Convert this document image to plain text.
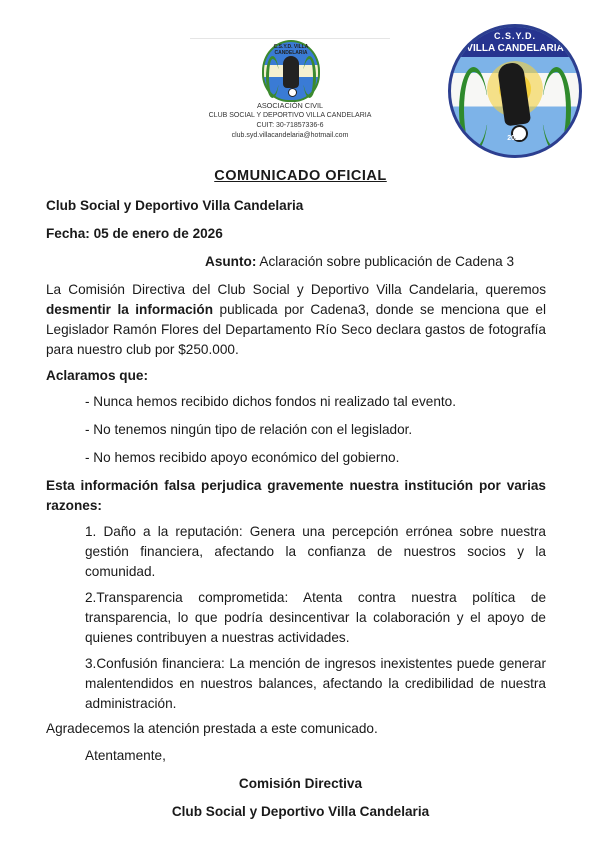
C.S.Y.D. VILLA CANDELARIA
ASOCIACIÓN CIVIL
CLUB SOCIAL Y DEPORTIVO VILLA CANDELARIA
CUIT: 30-71857336-6
club.syd.villacandelaria@hotmail.com
C.S.Y.D.
VILLA CANDELARIA
2024
COMUNICADO OFICIAL
Club Social y Deportivo Villa Candelaria
Fecha: 05 de enero de 2026
Asunto: Aclaración sobre publicación de Cadena 3
La Comisión Directiva del Club Social y Deportivo Villa Candelaria, queremos desmentir la información publicada por Cadena3, donde se menciona que el Legislador Ramón Flores del Departamento Río Seco declara gastos de fotografía para nuestro club por $250.000.
Aclaramos que:
- Nunca hemos recibido dichos fondos ni realizado tal evento.
- No tenemos ningún tipo de relación con el legislador.
- No hemos recibido apoyo económico del gobierno.
Esta información falsa perjudica gravemente nuestra institución por varias razones:
1. Daño a la reputación: Genera una percepción errónea sobre nuestra gestión financiera, afectando la confianza de nuestros socios y la comunidad.
2.Transparencia comprometida: Atenta contra nuestra política de transparencia, lo que podría desincentivar la colaboración y el apoyo de quienes contribuyen a nuestras actividades.
3.Confusión financiera: La mención de ingresos inexistentes puede generar malentendidos en nuestros balances, afectando la credibilidad de nuestra administración.
Agradecemos la atención prestada a este comunicado.
Atentamente,
Comisión Directiva
Club Social y Deportivo Villa Candelaria
